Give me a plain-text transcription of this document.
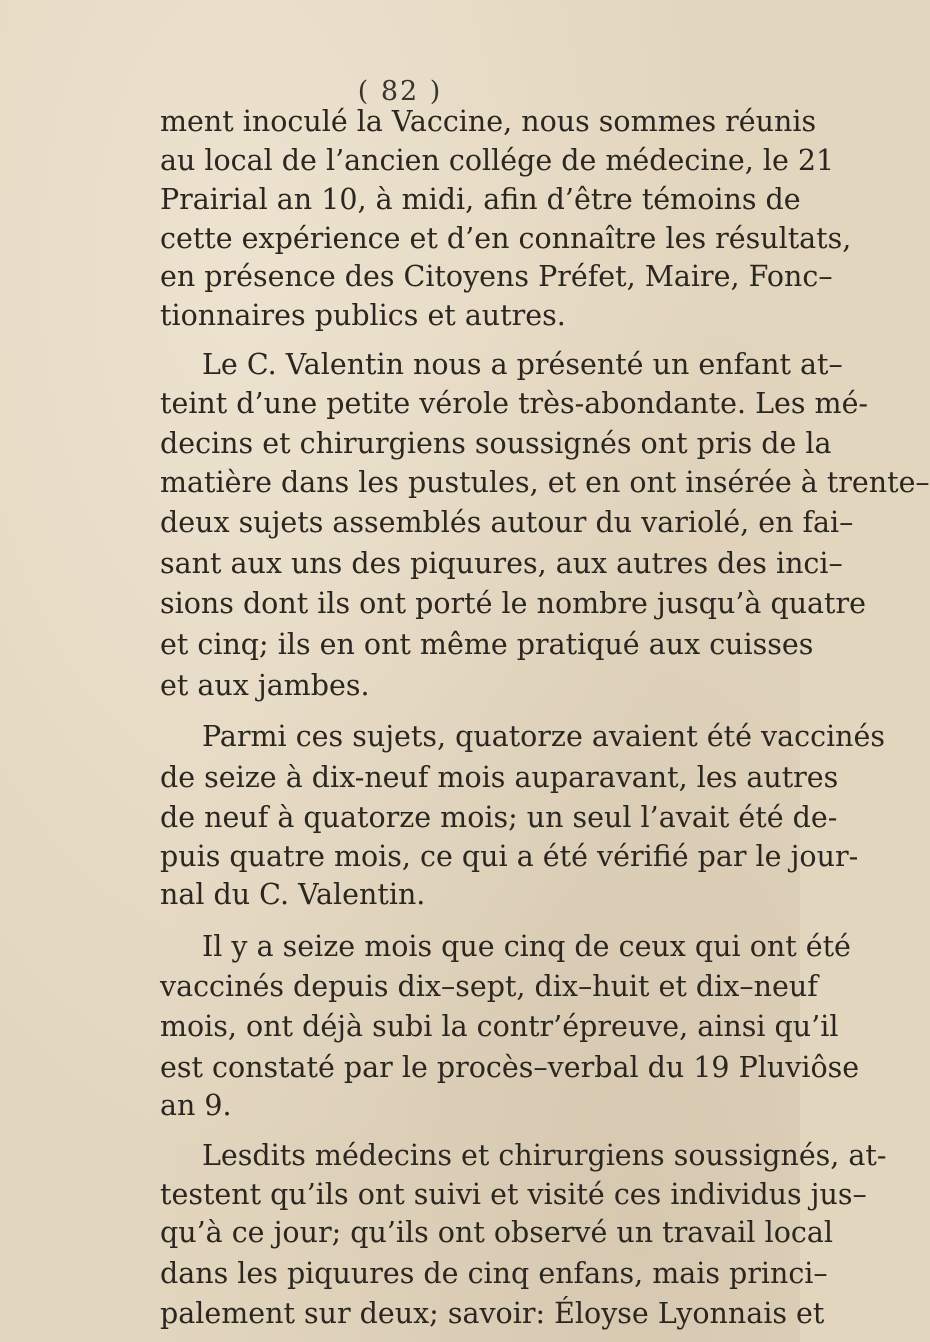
( 82 )
ment inoculé la Vaccine, nous sommes réunis
au local de l’ancien collége de médecine, le 21
Prairial an 10, à midi, afin d’être témoins de
cette expérience et d’en connaître les résultats,
en présence des Citoyens Préfet, Maire, Fonc–
tionnaires publics et autres.
Le C. Valentin nous a présenté un enfant at–
teint d’une petite vérole très-abondante. Les mé-
decins et chirurgiens soussignés ont pris de la
matière dans les pustules, et en ont insérée à trente–
deux sujets assemblés autour du variolé, en fai–
sant aux uns des piquures, aux autres des inci–
sions dont ils ont porté le nombre jusqu’à quatre
et cinq; ils en ont même pratiqué aux cuisses
et aux jambes.
Parmi ces sujets, quatorze avaient été vaccinés
de seize à dix-neuf mois auparavant, les autres
de neuf à quatorze mois; un seul l’avait été de-
puis quatre mois, ce qui a été vérifié par le jour-
nal du C. Valentin.
Il y a seize mois que cinq de ceux qui ont été
vaccinés depuis dix–sept, dix–huit et dix–neuf
mois, ont déjà subi la contr’épreuve, ainsi qu’il
est constaté par le procès–verbal du 19 Pluviôse
an 9.
Lesdits médecins et chirurgiens soussignés, at-
testent qu’ils ont suivi et visité ces individus jus–
qu’à ce jour; qu’ils ont observé un travail local
dans les piquures de cinq enfans, mais princi–
palement sur deux; savoir: Éloyse Lyonnais et
